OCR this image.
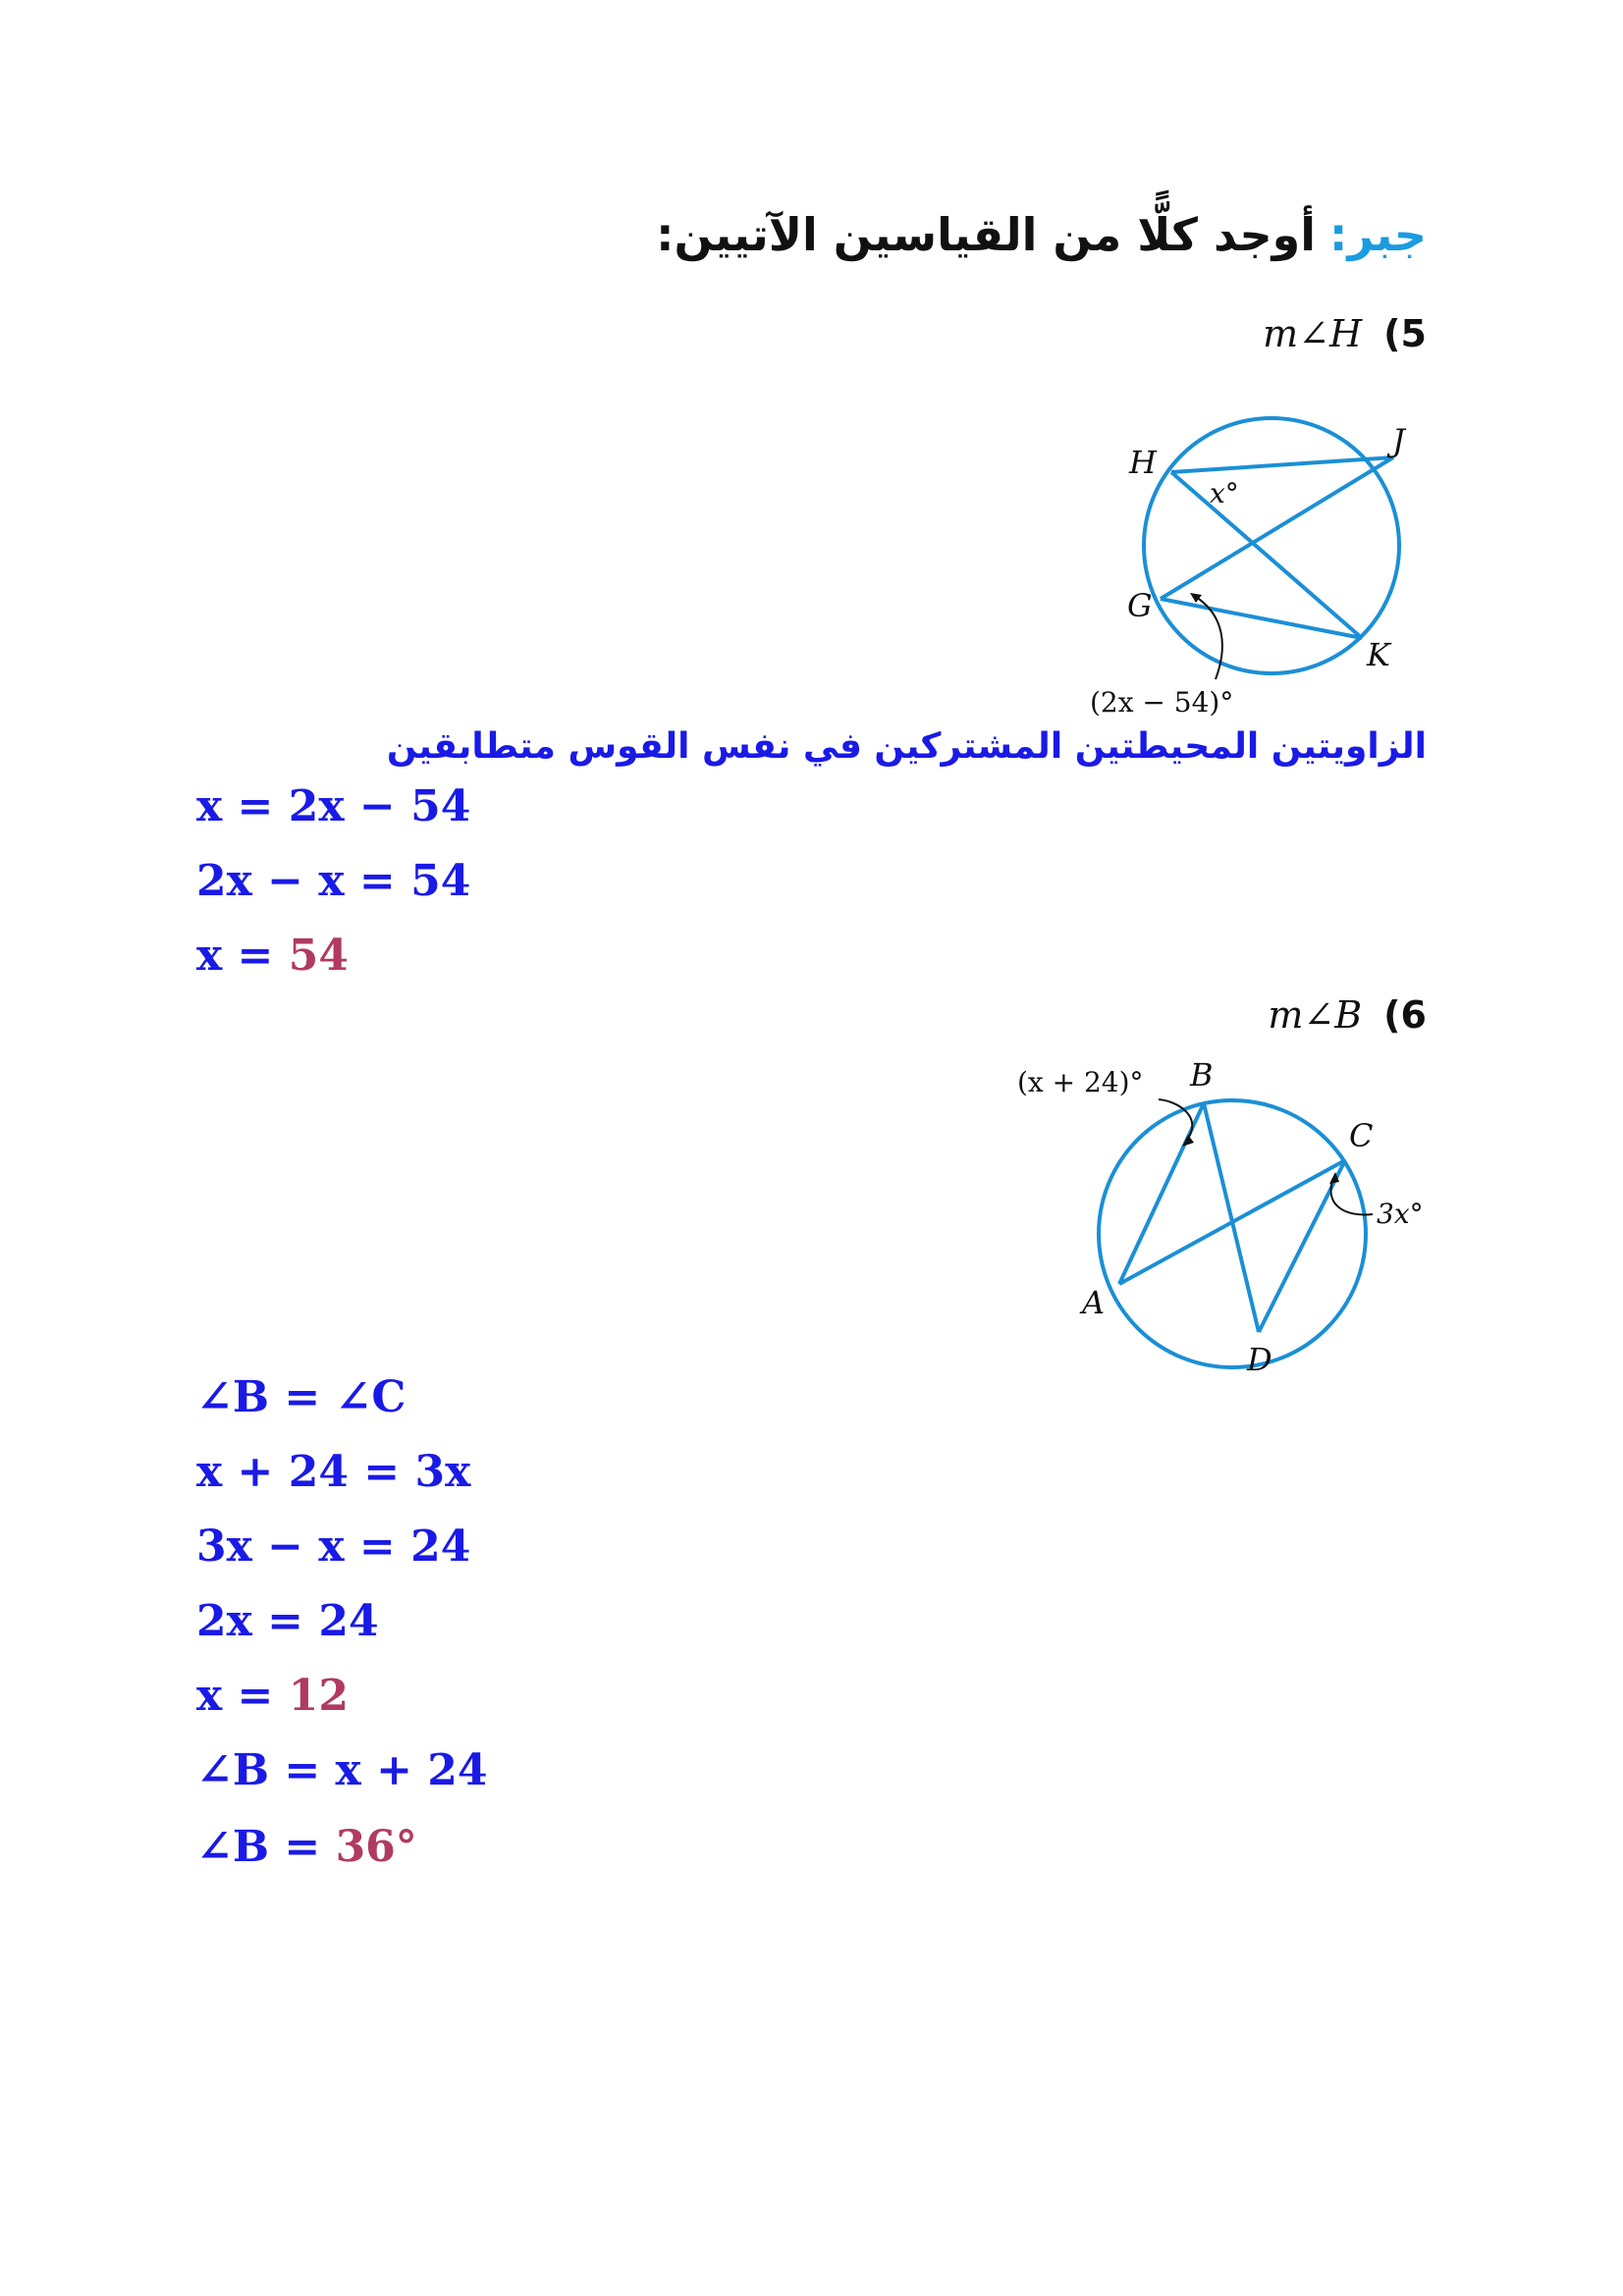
جبر:أوجد كلًّا من القياسين الآتيين:
m∠H (5
H
J
G
K
x°
(2x − 54)°
الزاويتين المحيطتين المشتركين في نفس القوس متطابقين
x = 2x − 54
2x − x = 54
x = 54
m∠B (6
B
C
A
D
(x + 24)°
3x°
∠B = ∠C
x + 24 = 3x
3x − x = 24
2x = 24
x = 12
∠B = x + 24
∠B = 36°
